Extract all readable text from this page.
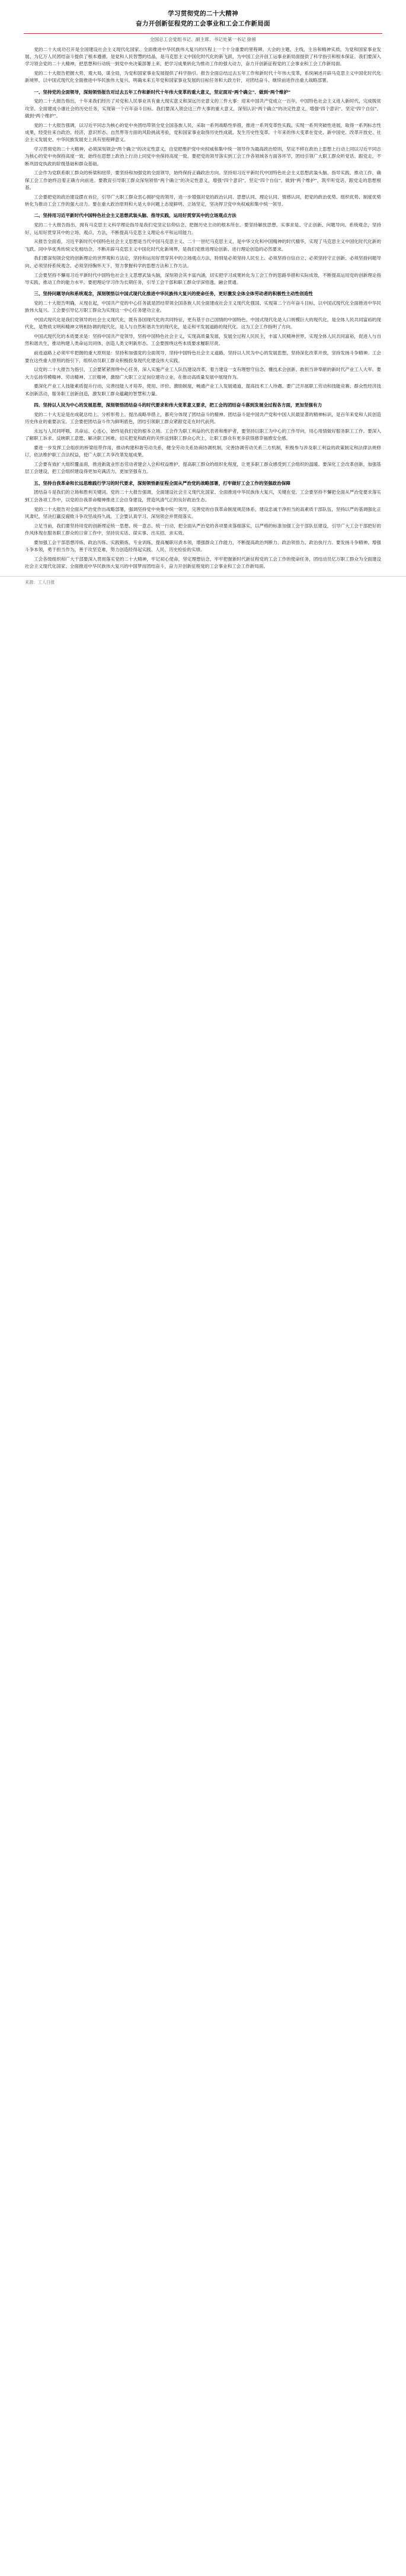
学习贯彻党的二十大精神
奋力开创新征程党的工会事业和工会工作新局面
全国总工会党组书记、副主席、书记处第一书记 徐留

党的二十大成功召开是全国建设社会主义现代化国家、全面推进中华民族伟大复兴的历程上一个十分重要的里程碑。大会的主题、主线、主旨和精神实质，为党和国家事业发展、为亿万人民团结奋斗提供了根本遵循，是党和人民智慧的结晶，是马克思主义中国化时代化的新飞跃，为中国工会开创工运事业新局面提供了科学指引和根本保证。我们要深入学习领会党的二十大精神，把思想和行动统一到党中央决策部署上来，把学习成果转化为推动工作的强大动力，奋力开创新征程党的工会事业和工会工作新局面。

党的二十大报告把握大势，观大局，谋全局，为党和国家事业发展提供了科学指引。报告全面总结过去五年工作和新时代十年伟大变革，系统阐述开辟马克思主义中国化时代化新境界，以中国式现代化全面推进中华民族伟大复兴，明确未来五年党和国家事业发展的目标任务和大政方针，对团结奋斗、继续前进作出重大战略部署。

一、坚持党的全面领导，深刻领悟报告对过去五年工作和新时代十年伟大变革的重大意义，坚定面对“两个确立”、做到“两个维护”

党的二十大报告指出，十年来我们经历了对党和人民事业具有重大现实意义和深远历史意义的三件大事：迎来中国共产党成立一百年，中国特色社会主义进入新时代，完成脱贫攻坚、全面建成小康社会的历史任务，实现第一个百年奋斗目标。我们要深入领会这三件大事的重大意义，深刻认识“两个确立”的决定性意义，增强“四个意识”、坚定“四个自信”、做到“两个维护”。

党的二十大报告强调，以习近平同志为核心的党中央团结带领全党全国各族人民，采取一系列战略性举措，推进一系列变革性实践，实现一系列突破性进展，取得一系列标志性成果，经受住来自政治、经济、意识形态、自然界等方面的风险挑战考验，党和国家事业取得历史性成就、发生历史性变革。十年来的伟大变革在党史、新中国史、改革开放史、社会主义发展史、中华民族发展史上具有里程碑意义。

学习贯彻党的二十大精神，必须深刻领会“两个确立”的决定性意义，自觉把维护党中央权威和集中统一领导作为最高政治原则，坚定不移在政治上思想上行动上同以习近平同志为核心的党中央保持高度一致，始终在思想上政治上行动上同党中央保持高度一致。要把党的领导落实到工会工作各领域各方面各环节，团结引领广大职工群众听党话、跟党走，不断巩固党执政的阶级基础和群众基础。

工会作为党联系职工群众的桥梁和纽带，要坚持和加强党的全面领导，始终保持正确政治方向。坚持用习近平新时代中国特色社会主义思想武装头脑、指导实践、推动工作，确保工会工作始终沿着正确方向前进。要教育引导职工群众深刻领悟“两个确立”的决定性意义，增强“四个意识”、坚定“四个自信”、做到“两个维护”，筑牢听党话、跟党走的思想根基。

工会要把党的政治建设摆在首位，引导广大职工群众衷心拥护党的领导，进一步增强对党的政治认同、思想认同、理论认同、情感认同，把党的政治优势、组织优势、制度优势转化为推动工会工作的强大动力。要在重大政治原则和大是大非问题上态度鲜明、立场坚定，坚决捍卫党中央权威和集中统一领导。

二、坚持用习近平新时代中国特色社会主义思想武装头脑、指导实践，运用好贯穿其中的立场观点方法

党的二十大报告指出，拥有马克思主义科学理论指导是我们党坚定信仰信念、把握历史主动的根本所在。要坚持解放思想、实事求是、守正创新、问题导向、系统观念，坚持好、运用好贯穿其中的立场、观点、方法，不断提高马克思主义理论水平和运用能力。

从报告全面看，习近平新时代中国特色社会主义思想是当代中国马克思主义、二十一世纪马克思主义，是中华文化和中国精神的时代精华，实现了马克思主义中国化时代化新的飞跃。同中华优秀传统文化相结合，不断开辟马克思主义中国化时代化新境界，是我们党推进理论创新、进行理论创造的必然要求。

我们要深刻领会党的创新理论的世界观和方法论，坚持和运用好贯穿其中的立场观点方法，特别是必须坚持人民至上、必须坚持自信自立、必须坚持守正创新、必须坚持问题导向、必须坚持系统观念、必须坚持胸怀天下，努力掌握科学的思想方法和工作方法。

工会要坚持不懈用习近平新时代中国特色社会主义思想武装头脑，深刻领会其丰富内涵，切实把学习成果转化为工会工作的思路举措和实际成效，不断提高运用党的创新理论指导实践、推动工作的能力水平。要把理论学习作为长期任务，引导工会干部和职工群众学深悟透、融会贯通。

三、坚持问题导向和系统观念，深刻领悟以中国式现代化推进中华民族伟大复兴的使命任务，更好激发全体全体劳动者的积极性主动性创造性

党的二十大报告明确，从现在起，中国共产党的中心任务就是团结带领全国各族人民全面建成社会主义现代化强国、实现第二个百年奋斗目标，以中国式现代化全面推进中华民族伟大复兴。工会要引导亿万职工群众为实现这一中心任务建功立业。

中国式现代化是我们党领导的社会主义现代化，既有各国现代化的共同特征，更有基于自己国情的中国特色。中国式现代化是人口规模巨大的现代化，是全体人民共同富裕的现代化，是物质文明和精神文明相协调的现代化，是人与自然和谐共生的现代化，是走和平发展道路的现代化。这为工会工作指明了方向。

中国式现代化的本质要求是：坚持中国共产党领导，坚持中国特色社会主义，实现高质量发展，发展全过程人民民主，丰富人民精神世界，实现全体人民共同富裕，促进人与自然和谐共生，推动构建人类命运共同体，创造人类文明新形态。工会要围绕这些本质要求履职尽责。

前进道路上必须牢牢把握的重大原则是：坚持和加强党的全面领导，坚持中国特色社会主义道路，坚持以人民为中心的发展思想，坚持深化改革开放，坚持发扬斗争精神。工会要在这些重大原则的指引下，组织动员职工群众积极投身现代化建设伟大实践。

以党的二十大报告为指引，工会要紧紧围绕中心任务，深入实施产业工人队伍建设改革，着力建设一支有理想守信念、懂技术会创新、敢担当讲奉献的新时代产业工人大军。要大力弘扬劳模精神、劳动精神、工匠精神，激励广大职工立足岗位建功立业，在推动高质量发展中展现作为。

要深化产业工人技能素质提升行动，完善技能人才培养、使用、评价、激励制度，畅通产业工人发展通道，提高技术工人待遇。要广泛开展职工劳动和技能竞赛、群众性经济技术创新活动，服务职工创新创造，激发职工群众蕴藏的智慧和力量。

四、坚持以人民为中心的发展思想，深刻领悟团结奋斗的时代要求和伟大变革意义要求，把工会的团结奋斗落到发展全过程各方面，更加坚强有力

党的二十大无论是在成就总结上、分析形势上、提出战略举措上，都充分体现了团结奋斗的精神。团结奋斗是中国共产党和中国人民最显著的精神标识，是百年来党和人民创造历史伟业的重要法宝。工会要把团结奋斗作为鲜明底色，团结引领职工群众紧跟党走在时代前列。

永远与人民同呼吸、共命运、心连心，始终是我们党的根本立场。工会作为职工利益的代表者和维护者，要坚持以职工为中心的工作导向，用心用情做好服务职工工作。要深入了解职工诉求、反映职工意愿、解决职工困难，切实把党和政府的关怀送到职工群众心坎上，让职工群众有更多获得感幸福感安全感。

要进一步发挥工会组织的桥梁纽带作用，推动构建和谐劳动关系，健全劳动关系协商协调机制，完善协调劳动关系三方机制，积极参与涉及职工利益的政策制定和法律法规修订，依法维护职工合法权益，使广大职工共享改革发展成果。

工会要有效扩大组织覆盖面，推进新就业形态劳动者建会入会和权益维护，提高职工群众的组织化程度，让更多职工群众感受到工会组织的温暖。要深化工会改革创新，加强基层工会建设，把工会组织建设得更加充满活力、更加坚强有力。

五、坚持自我革命和长远思维践行学习的时代要求，深刻领悟新征程全面从严治党的战略部署，打牢做好工会工作的坚强政治保障

团结奋斗是我们的立场和胜利关键词。党的二十大报告强调，全面建设社会主义现代化国家、全面推进中华民族伟大复兴，关键在党。工会要坚持不懈把全面从严治党要求落实到工会各项工作中，以党的自我革命精神推进工会自身建设，营造风清气正的良好政治生态。

党的二十大报告对全面从严治党作出战略部署，强调坚持党中央集中统一领导，完善党的自我革命制度规范体系，建设忠诚干净担当的高素质干部队伍，坚持以严的基调强化正风肃纪，坚决打赢反腐败斗争攻坚战持久战。工会要认真学习、深刻领会并贯彻落实。

立足当前，我们要坚持用党的创新理论统一思想、统一意志、统一行动，把全面从严治党的各项要求落细落实，以严格的标准加强工会干部队伍建设，引导广大工会干部把好的作风体现在服务职工群众的日常工作中，坚持说实话、谋实事、出实招、求实效。

要加强工会干部思想淬炼、政治历练、实践锻炼、专业训练，提高履职尽责本领，增强群众工作能力，不断提高政治判断力、政治领悟力、政治执行力。要发扬斗争精神、增强斗争本领，勇于担当作为，善于攻坚克难，努力创造经得起实践、人民、历史检验的实绩。

工会各级组织和广大干部要深入贯彻落实党的二十大精神，牢记初心使命，坚定理想信念，牢牢把握新时代新征程党的工会工作的使命任务，团结动员亿万职工群众为全面建设社会主义现代化国家、全面推进中华民族伟大复兴的中国梦而团结奋斗，奋力开创新征程党的工会事业和工会工作新局面。

来源：工人日报
